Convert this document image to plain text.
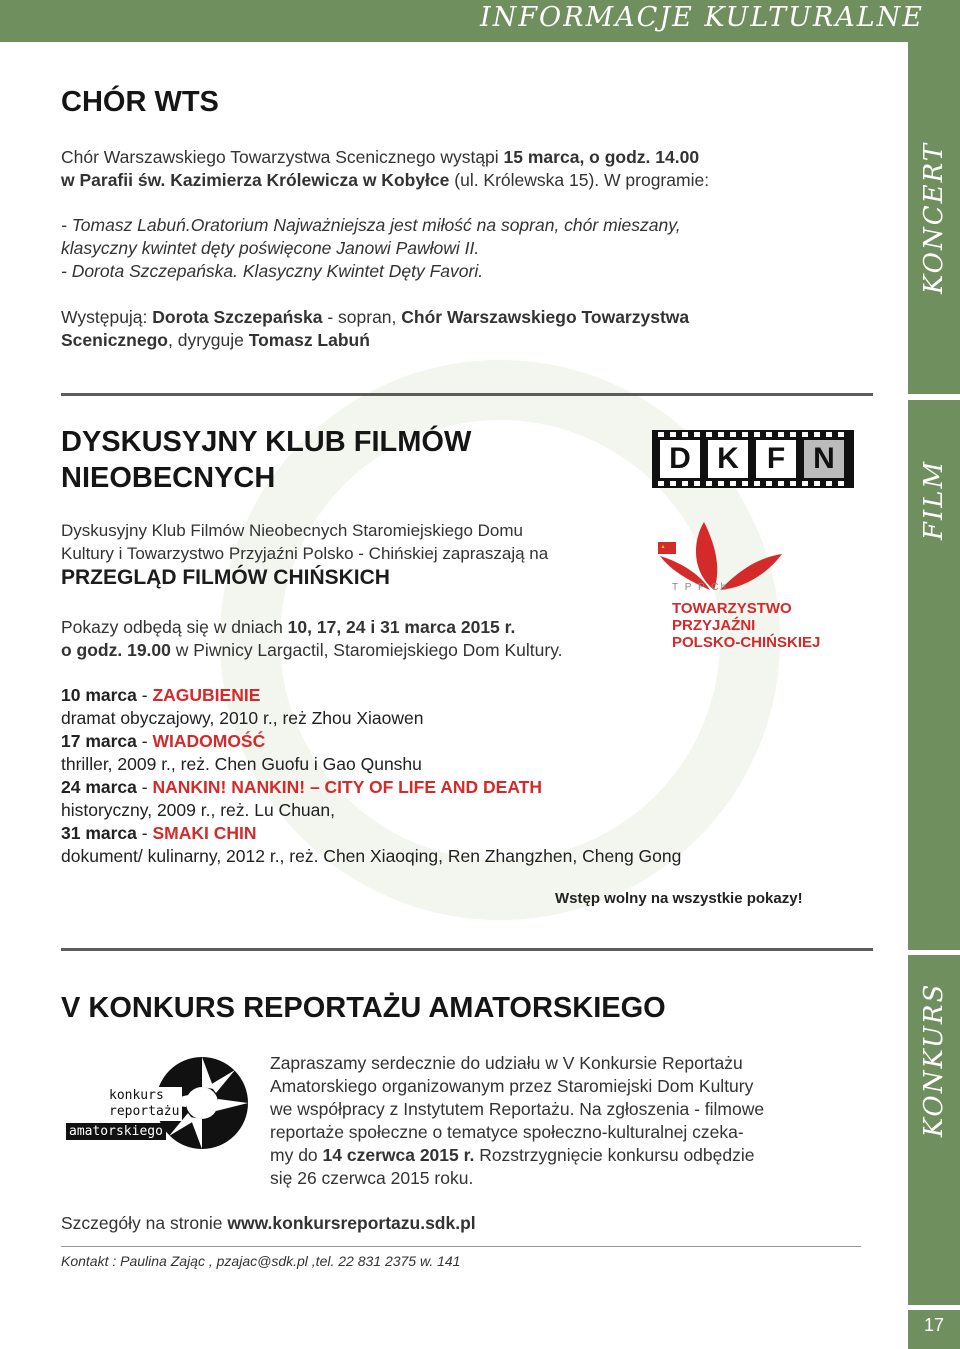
INFORMACJE KULTURALNE
KONCERT
FILM
KONKURS
CHÓR WTS
Chór Warszawskiego Towarzystwa Scenicznego wystąpi 15 marca, o godz. 14.00
w Parafii św. Kazimierza Królewicza w Kobyłce (ul. Królewska 15). W programie:
- Tomasz Labuń.Oratorium Najważniejsza jest miłość na sopran, chór mieszany,
klasyczny kwintet dęty poświęcone Janowi Pawłowi II.
- Dorota Szczepańska. Klasyczny Kwintet Dęty Favori.
Występują: Dorota Szczepańska - sopran, Chór Warszawskiego Towarzystwa
Scenicznego, dyryguje Tomasz Labuń
DYSKUSYJNY KLUB FILMÓW
NIEOBECNYCH
D K F N
Dyskusyjny Klub Filmów Nieobecnych Staromiejskiego Domu
Kultury i Towarzystwo Przyjaźni Polsko - Chińskiej zapraszają na
PRZEGLĄD FILMÓW CHIŃSKICH
Pokazy odbędą się w dniach 10, 17, 24 i 31 marca 2015 r.
o godz. 19.00 w Piwnicy Largactil, Staromiejskiego Dom Kultury.
T P P Ch
TOWARZYSTWO
PRZYJAŹNI
POLSKO-CHIŃSKIEJ
10 marca - ZAGUBIENIE
dramat obyczajowy, 2010 r., reż Zhou Xiaowen
17 marca - WIADOMOŚĆ
thriller, 2009 r., reż. Chen Guofu i Gao Qunshu
24 marca - NANKIN! NANKIN! – CITY OF LIFE AND DEATH
historyczny, 2009 r., reż. Lu Chuan,
31 marca - SMAKI CHIN
dokument/ kulinarny, 2012 r., reż. Chen Xiaoqing, Ren Zhangzhen, Cheng Gong
Wstęp wolny na wszystkie pokazy!
V KONKURS REPORTAŻU AMATORSKIEGO
konkurs
reportażu
amatorskiego
Zapraszamy serdecznie do udziału w V Konkursie Reportażu
Amatorskiego organizowanym przez Staromiejski Dom Kultury
we współpracy z Instytutem Reportażu. Na zgłoszenia - filmowe
reportaże społeczne o tematyce społeczno-kulturalnej czeka-
my do 14 czerwca 2015 r. Rozstrzygnięcie konkursu odbędzie
się 26 czerwca 2015 roku.
Szczegóły na stronie www.konkursreportazu.sdk.pl
Kontakt : Paulina Zając , pzajac@sdk.pl ,tel. 22 831 2375 w. 141
17
